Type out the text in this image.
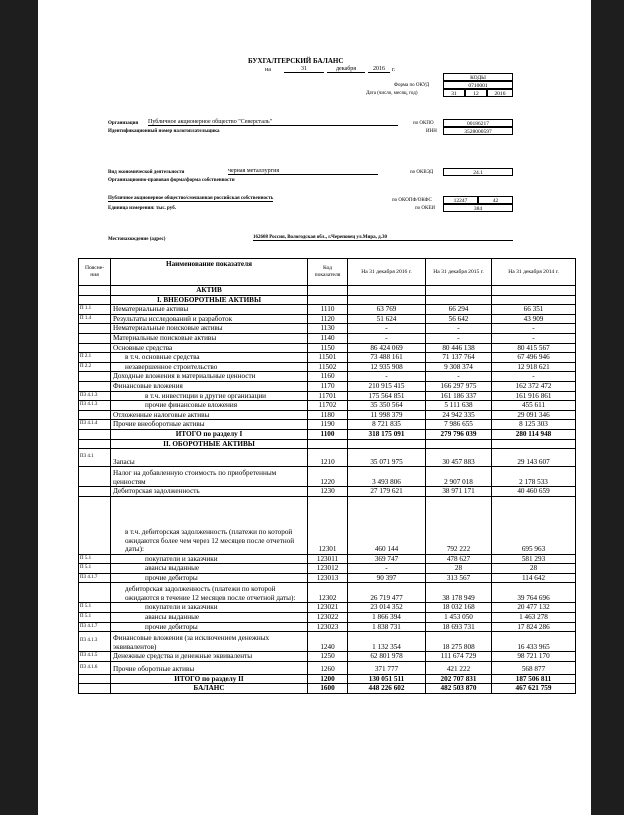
БУХГАЛТЕРСКИЙ БАЛАНС
на	31	декабря	2016	г.
КОДЫ
Форма по ОКУД	0710001
Дата (число, месяц, год)	31	12	2016
Организация Публичное акционерное общество "Северсталь"	по ОКПО	00186217
Идентификационный номер налогоплательщика	ИНН	3528000597
Вид экономической деятельности	черная металлургия	по ОКВЭД	24.1
Организационно-правовая форма/форма собственности
Публичное акционерное общество/смешанная российская собственность	по ОКОПФ/ОКФС	12247	42
Единица измерения: тыс. руб.	по ОКЕИ	384
Местонахождение (адрес)	162608 Россия, Вологодская обл., г.Череповец ул.Мира, д.30
Поясне-ния	Наименование показателя	Код показателя	На 31 декабря 2016 г.	На 31 декабря 2015 г.	На 31 декабря 2014 г.
	АКТИВ				
	I. ВНЕОБОРОТНЫЕ АКТИВЫ				
П 1.1	Нематериальные активы	1110	63 769	66 294	66 351
П 1.4	Результаты исследований и разработок	1120	51 624	56 642	43 909
	Нематериальные поисковые активы	1130	-	-	-
	Материальные поисковые активы	1140	-	-	-
	Основные средства	1150	86 424 069	80 446 138	80 415 567
П 2.1	в т.ч. основные средства	11501	73 488 161	71 137 764	67 496 946
П 2.2	незавершенное строительство	11502	12 935 908	9 308 374	12 918 621
	Доходные вложения в материальные ценности	1160	-	-	-
	Финансовые вложения	1170	210 915 415	166 297 975	162 372 472
П3 4.1.3	в т.ч. инвестиции в другие организации	11701	175 564 851	161 186 337	161 916 861
П3 4.1.3	прочие финансовые вложения	11702	35 350 564	5 111 638	455 611
	Отложенные налоговые активы	1180	11 998 379	24 942 335	29 091 346
П3 4.1.4	Прочие внеоборотные активы	1190	8 721 835	7 986 655	8 125 303
	ИТОГО по разделу I	1100	318 175 091	279 796 039	280 114 948
	II. ОБОРОТНЫЕ АКТИВЫ				
П3 4.1	Запасы	1210	35 071 975	30 457 883	29 143 607
	Налог на добавленную стоимость по приобретенным ценностям	1220	3 493 806	2 907 018	2 178 533
	Дебиторская задолженность	1230	27 179 621	38 971 171	40 460 659
	в т.ч. дебиторская задолженность (платежи по которой ожидаются более чем через 12 месяцев после отчетной даты):	12301	460 144	792 222	695 963
П 5.1	покупатели и заказчики	123011	369 747	478 627	581 293
П 5.1	авансы выданные	123012	-	28	28
П3 4.1.7	прочие дебиторы	123013	90 397	313 567	114 642
	дебиторская задолженность (платежи по которой ожидаются в течение 12 месяцев после отчетной даты):	12302	26 719 477	38 178 949	39 764 696
П 5.1	покупатели и заказчики	123021	23 014 352	18 032 168	20 477 132
П 5.1	авансы выданные	123022	1 866 394	1 453 050	1 463 278
П3 4.1.7	прочие дебиторы	123023	1 838 731	18 693 731	17 824 286
П3 4.1.3	Финансовые вложения (за исключением денежных эквивалентов)	1240	1 132 354	18 275 808	16 433 965
П3 4.1.5	Денежные средства и денежные эквиваленты	1250	62 801 978	111 674 729	98 721 170
П3 4.1.6	Прочие оборотные активы	1260	371 777	421 222	568 877
	ИТОГО по разделу II	1200	130 051 511	202 707 831	187 506 811
	БАЛАНС	1600	448 226 602	482 503 870	467 621 759
